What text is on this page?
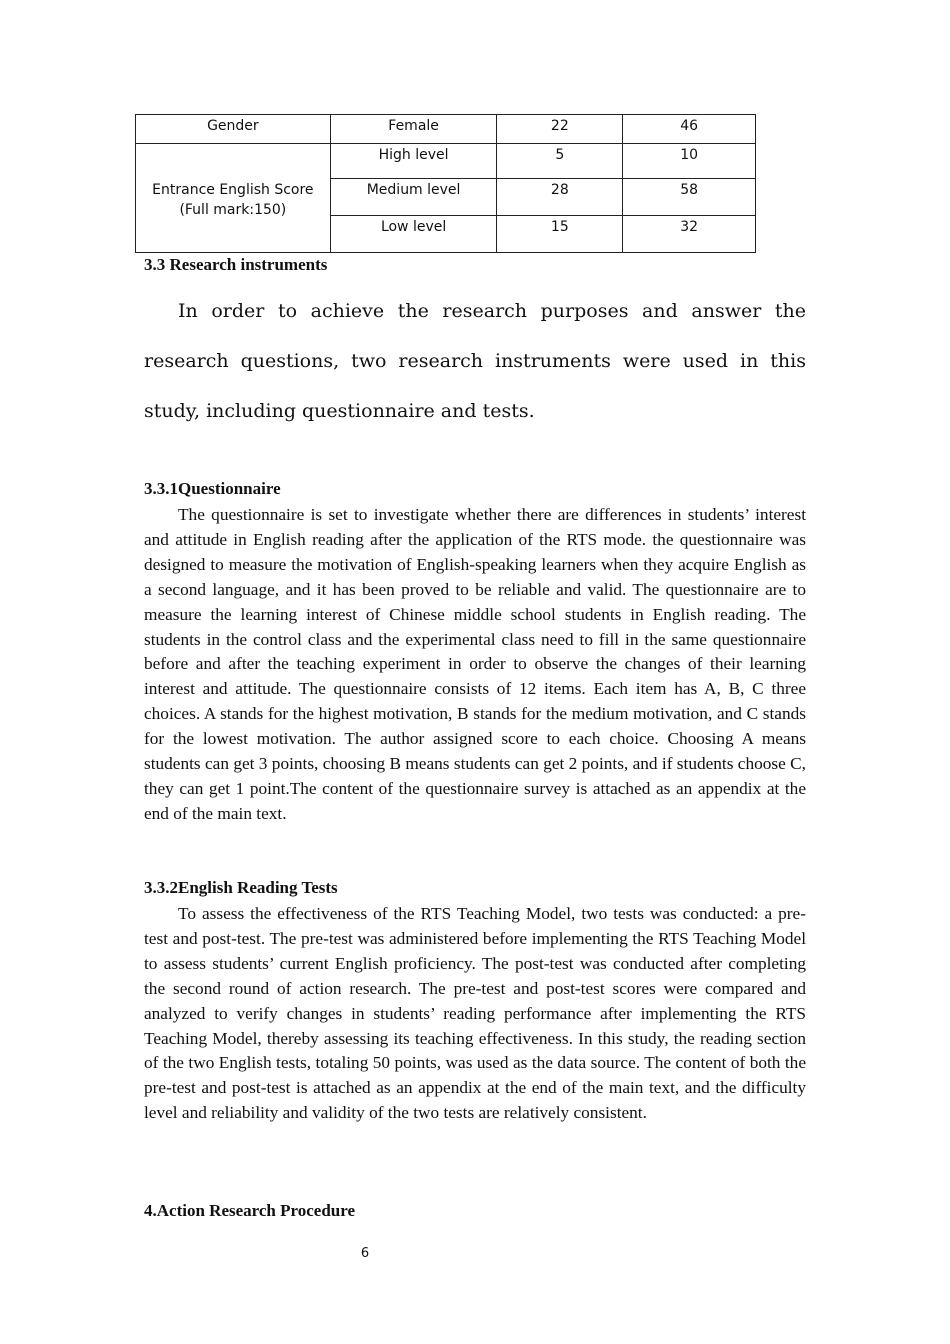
Gender	Female	22	46
Entrance English Score
(Full mark:150)	High level	5	10
	Medium level	28	58
	Low level	15	32
3.3 Research instruments

In order to achieve the research purposes and answer the research questions, two research instruments were used in this study, including questionnaire and tests.

3.3.1Questionnaire

The questionnaire is set to investigate whether there are differences in students’ interest and attitude in English reading after the application of the RTS mode. the questionnaire was designed to measure the motivation of English-speaking learners when they acquire English as a second language, and it has been proved to be reliable and valid. The questionnaire are to measure the learning interest of Chinese middle school students in English reading. The students in the control class and the experimental class need to fill in the same questionnaire before and after the teaching experiment in order to observe the changes of their learning interest and attitude. The questionnaire consists of 12 items. Each item has A, B, C three choices. A stands for the highest motivation, B stands for the medium motivation, and C stands for the lowest motivation. The author assigned score to each choice. Choosing A means students can get 3 points, choosing B means students can get 2 points, and if students choose C, they can get 1 point.The content of the questionnaire survey is attached as an appendix at the end of the main text.

3.3.2English Reading Tests

To assess the effectiveness of the RTS Teaching Model, two tests was conducted: a pre-test and post-test. The pre-test was administered before implementing the RTS Teaching Model to assess students’ current English proficiency. The post-test was conducted after completing the second round of action research. The pre-test and post-test scores were compared and analyzed to verify changes in students’ reading performance after implementing the RTS Teaching Model, thereby assessing its teaching effectiveness. In this study, the reading section of the two English tests, totaling 50 points, was used as the data source. The content of both the pre-test and post-test is attached as an appendix at the end of the main text, and the difficulty level and reliability and validity of the two tests are relatively consistent.

4.Action Research Procedure
6
